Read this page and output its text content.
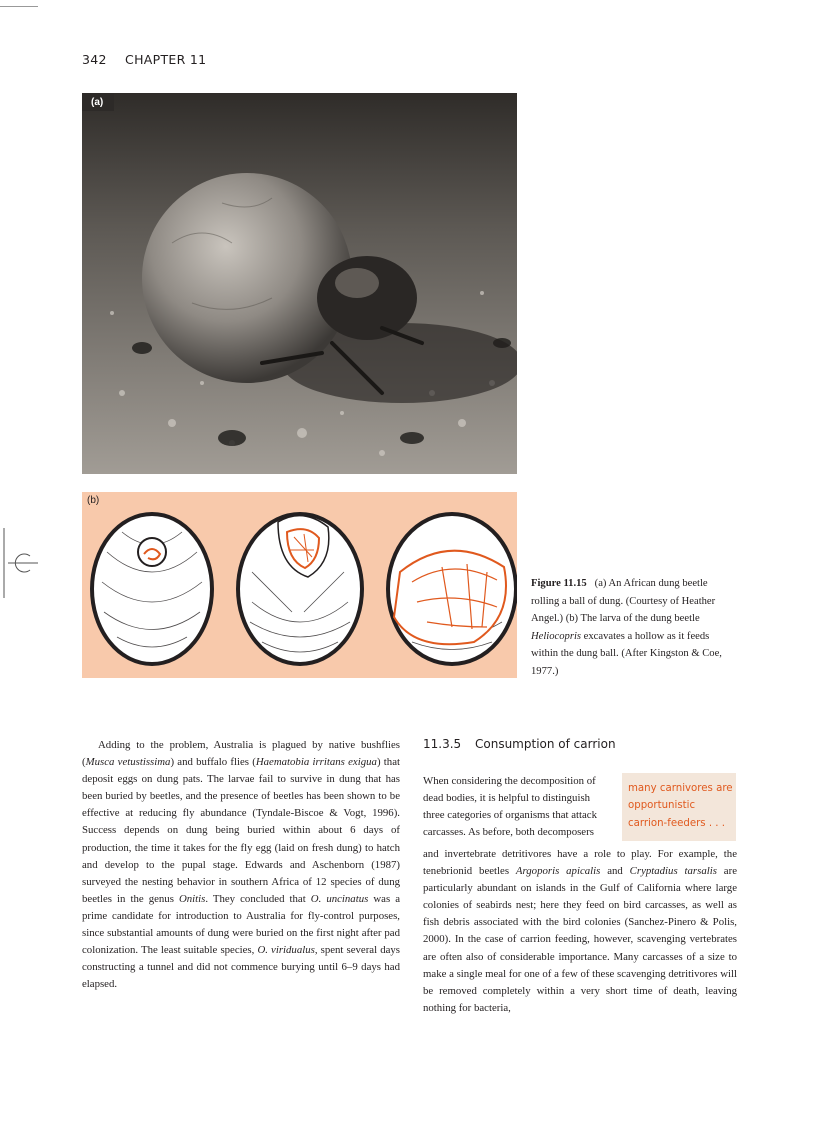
342 CHAPTER 11
(a)
(b)
Figure 11.15 (a) An African dung beetle rolling a ball of dung. (Courtesy of Heather Angel.) (b) The larva of the dung beetle Heliocopris excavates a hollow as it feeds within the dung ball. (After Kingston & Coe, 1977.)

Adding to the problem, Australia is plagued by native bushflies (Musca vetustissima) and buffalo flies (Haematobia irritans exigua) that deposit eggs on dung pats. The larvae fail to survive in dung that has been buried by beetles, and the presence of beetles has been shown to be effective at reducing fly abundance (Tyndale-Biscoe & Vogt, 1996). Success depends on dung being buried within about 6 days of production, the time it takes for the fly egg (laid on fresh dung) to hatch and develop to the pupal stage. Edwards and Aschenborn (1987) surveyed the nesting behavior in southern Africa of 12 species of dung beetles in the genus Onitis. They concluded that O. uncinatus was a prime candidate for introduction to Australia for fly-control purposes, since substantial amounts of dung were buried on the first night after pad colonization. The least suitable species, O. viridualus, spent several days constructing a tunnel and did not commence burying until 6–9 days had elapsed.

11.3.5 Consumption of carrion

When considering the decomposition of dead bodies, it is helpful to distinguish three categories of organisms that attack carcasses. As before, both decomposers

many carnivores are opportunistic carrion-feeders . . .

and invertebrate detritivores have a role to play. For example, the tenebrionid beetles Argoporis apicalis and Cryptadius tarsalis are particularly abundant on islands in the Gulf of California where large colonies of seabirds nest; here they feed on bird carcasses, as well as fish debris associated with the bird colonies (Sanchez-Pinero & Polis, 2000). In the case of carrion feeding, however, scavenging vertebrates are often also of considerable importance. Many carcasses of a size to make a single meal for one of a few of these scavenging detritivores will be removed completely within a very short time of death, leaving nothing for bacteria,
